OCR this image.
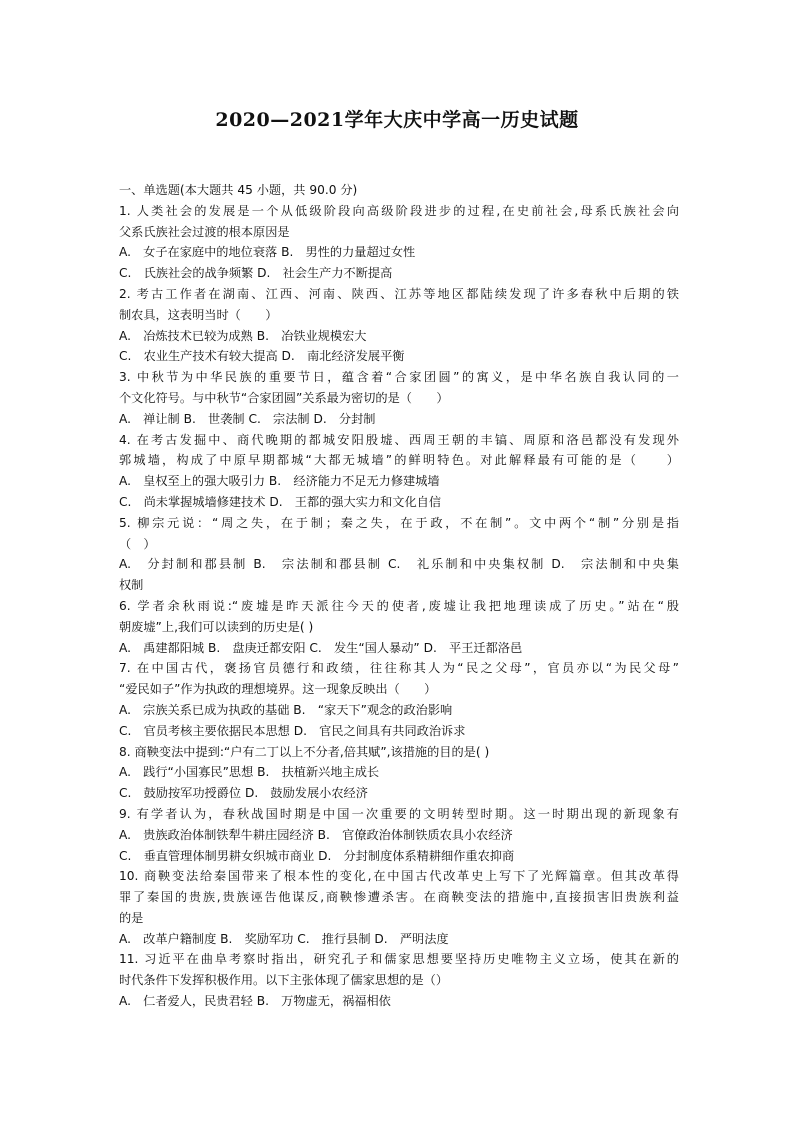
2020—2021学年大庆中学高一历史试题
一、单选题(本大题共 45 小题，共 90.0 分)
1. 人类社会的发展是一个从低级阶段向高级阶段进步的过程,在史前社会,母系氏族社会向
父系氏族社会过渡的根本原因是
A.　女子在家庭中的地位衰落 B.　男性的力量超过女性
C.　氏族社会的战争频繁 D.　社会生产力不断提高
2. 考古工作者在湖南、江西、河南、陕西、江苏等地区都陆续发现了许多春秋中后期的铁
制农具，这表明当时（　　）
A.　冶炼技术已较为成熟 B.　冶铁业规模宏大
C.　农业生产技术有较大提高 D.　南北经济发展平衡
3. 中秋节为中华民族的重要节日，蕴含着“合家团圆”的寓义，是中华名族自我认同的一
个文化符号。与中秋节“合家团圆”关系最为密切的是（　　）
A.　禅让制 B.　世袭制 C.　宗法制 D.　分封制
4. 在考古发掘中、商代晚期的都城安阳殷墟、西周王朝的丰镐、周原和洛邑都没有发现外
郭城墙，构成了中原早期都城“大都无城墙”的鲜明特色。对此解释最有可能的是（　　）
A.　皇权至上的强大吸引力 B.　经济能力不足无力修建城墙
C.　尚未掌握城墙修建技术 D.　王都的强大实力和文化自信
5. 柳宗元说：“周之失，在于制；秦之失，在于政，不在制”。文中两个“制”分别是指
（　）
A.　分封制和郡县制 B.　宗法制和郡县制 C.　礼乐制和中央集权制 D.　宗法制和中央集
权制
6. 学者余秋雨说:“废墟是昨天派往今天的使者,废墟让我把地理读成了历史。”站在“殷
朝废墟”上,我们可以读到的历史是( )
A.　禹建都阳城 B.　盘庚迁都安阳 C.　发生“国人暴动” D.　平王迁都洛邑
7. 在中国古代，褒扬官员德行和政绩，往往称其人为“民之父母”，官员亦以“为民父母”
“爱民如子”作为执政的理想境界。这一现象反映出（　　）
A.　宗族关系已成为执政的基础 B.　“家天下”观念的政治影响
C.　官员考核主要依据民本思想 D.　官民之间具有共同政治诉求
8. 商鞅变法中提到:“户有二丁以上不分者,倍其赋”,该措施的目的是( )
A.　践行“小国寡民”思想 B.　扶植新兴地主成长
C.　鼓励按军功授爵位 D.　鼓励发展小农经济
9. 有学者认为，春秋战国时期是中国一次重要的文明转型时期。这一时期出现的新现象有
A.　贵族政治体制铁犁牛耕庄园经济 B.　官僚政治体制铁质农具小农经济
C.　垂直管理体制男耕女织城市商业 D.　分封制度体系精耕细作重农抑商
10. 商鞅变法给秦国带来了根本性的变化,在中国古代改革史上写下了光辉篇章。但其改革得
罪了秦国的贵族,贵族诬告他谋反,商鞅惨遭杀害。在商鞅变法的措施中,直接损害旧贵族利益
的是
A.　改革户籍制度 B.　奖励军功 C.　推行县制 D.　严明法度
11. 习近平在曲阜考察时指出，研究孔子和儒家思想要坚持历史唯物主义立场，使其在新的
时代条件下发挥积极作用。以下主张体现了儒家思想的是（）
A.　仁者爱人，民贵君轻 B.　万物虚无，祸福相依
